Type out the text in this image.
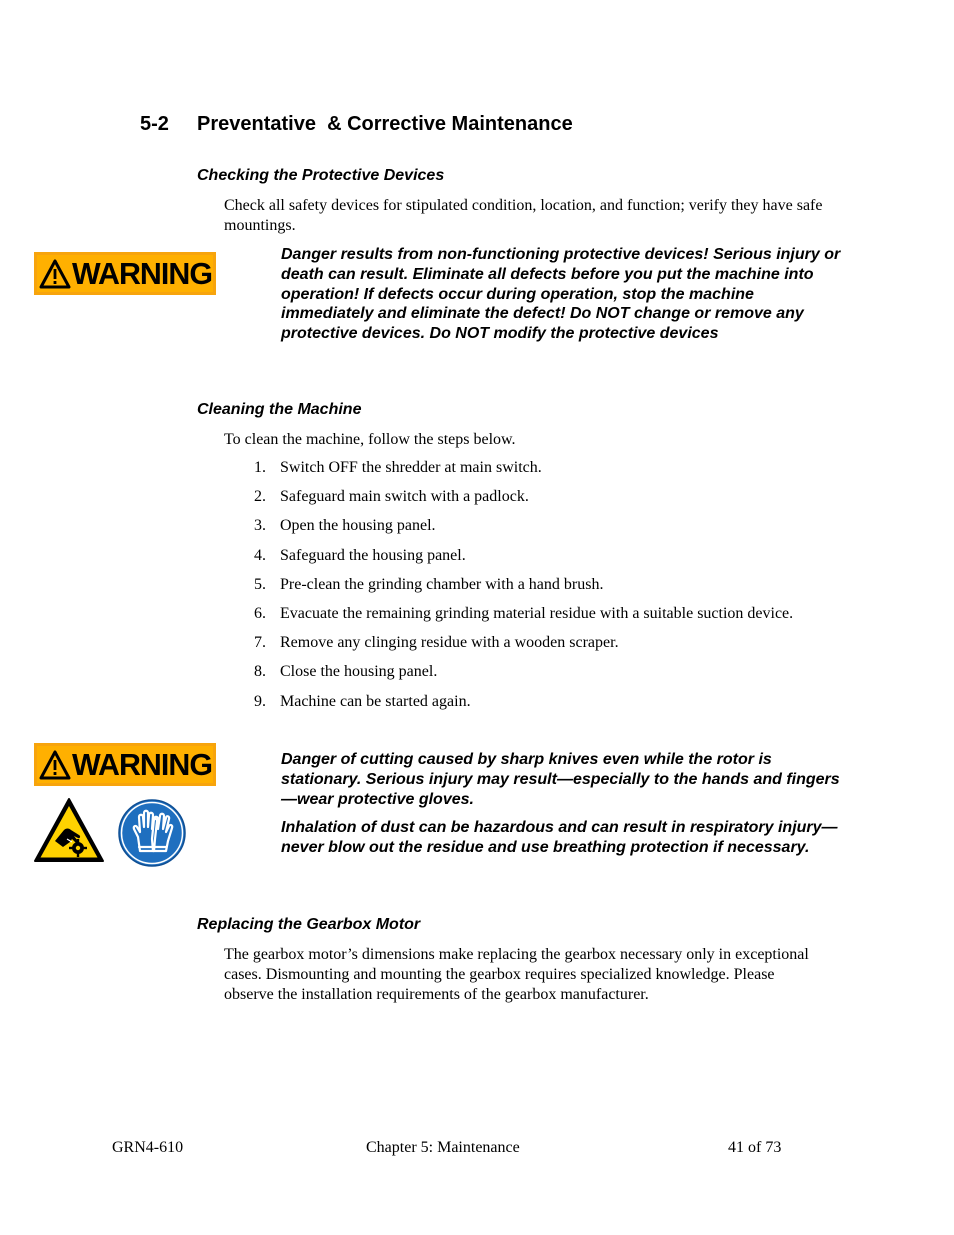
5-2 Preventative  & Corrective Maintenance
Checking the Protective Devices
Check all safety devices for stipulated condition, location, and function; verify they have safe mountings.
WARNING
Danger results from non-functioning protective devices! Serious injury or death can result. Eliminate all defects before you put the machine into operation! If defects occur during operation, stop the machine immediately and eliminate the defect! Do NOT change or remove any protective devices. Do NOT modify the protective devices
Cleaning the Machine
To clean the machine, follow the steps below.
1. Switch OFF the shredder at main switch.
2. Safeguard main switch with a padlock.
3. Open the housing panel.
4. Safeguard the housing panel.
5. Pre-clean the grinding chamber with a hand brush.
6. Evacuate the remaining grinding material residue with a suitable suction device.
7. Remove any clinging residue with a wooden scraper.
8. Close the housing panel.
9. Machine can be started again.
WARNING	Danger of cutting caused by sharp knives even while the rotor is stationary. Serious injury may result—especially to the hands and fingers—wear protective gloves.
Inhalation of dust can be hazardous and can result in respiratory injury—never blow out the residue and use breathing protection if necessary.
Replacing the Gearbox Motor
The gearbox motor’s dimensions make replacing the gearbox necessary only in exceptional cases. Dismounting and mounting the gearbox requires specialized knowledge. Please observe the installation requirements of the gearbox manufacturer.
GRN4-610	Chapter 5: Maintenance	41 of 73
